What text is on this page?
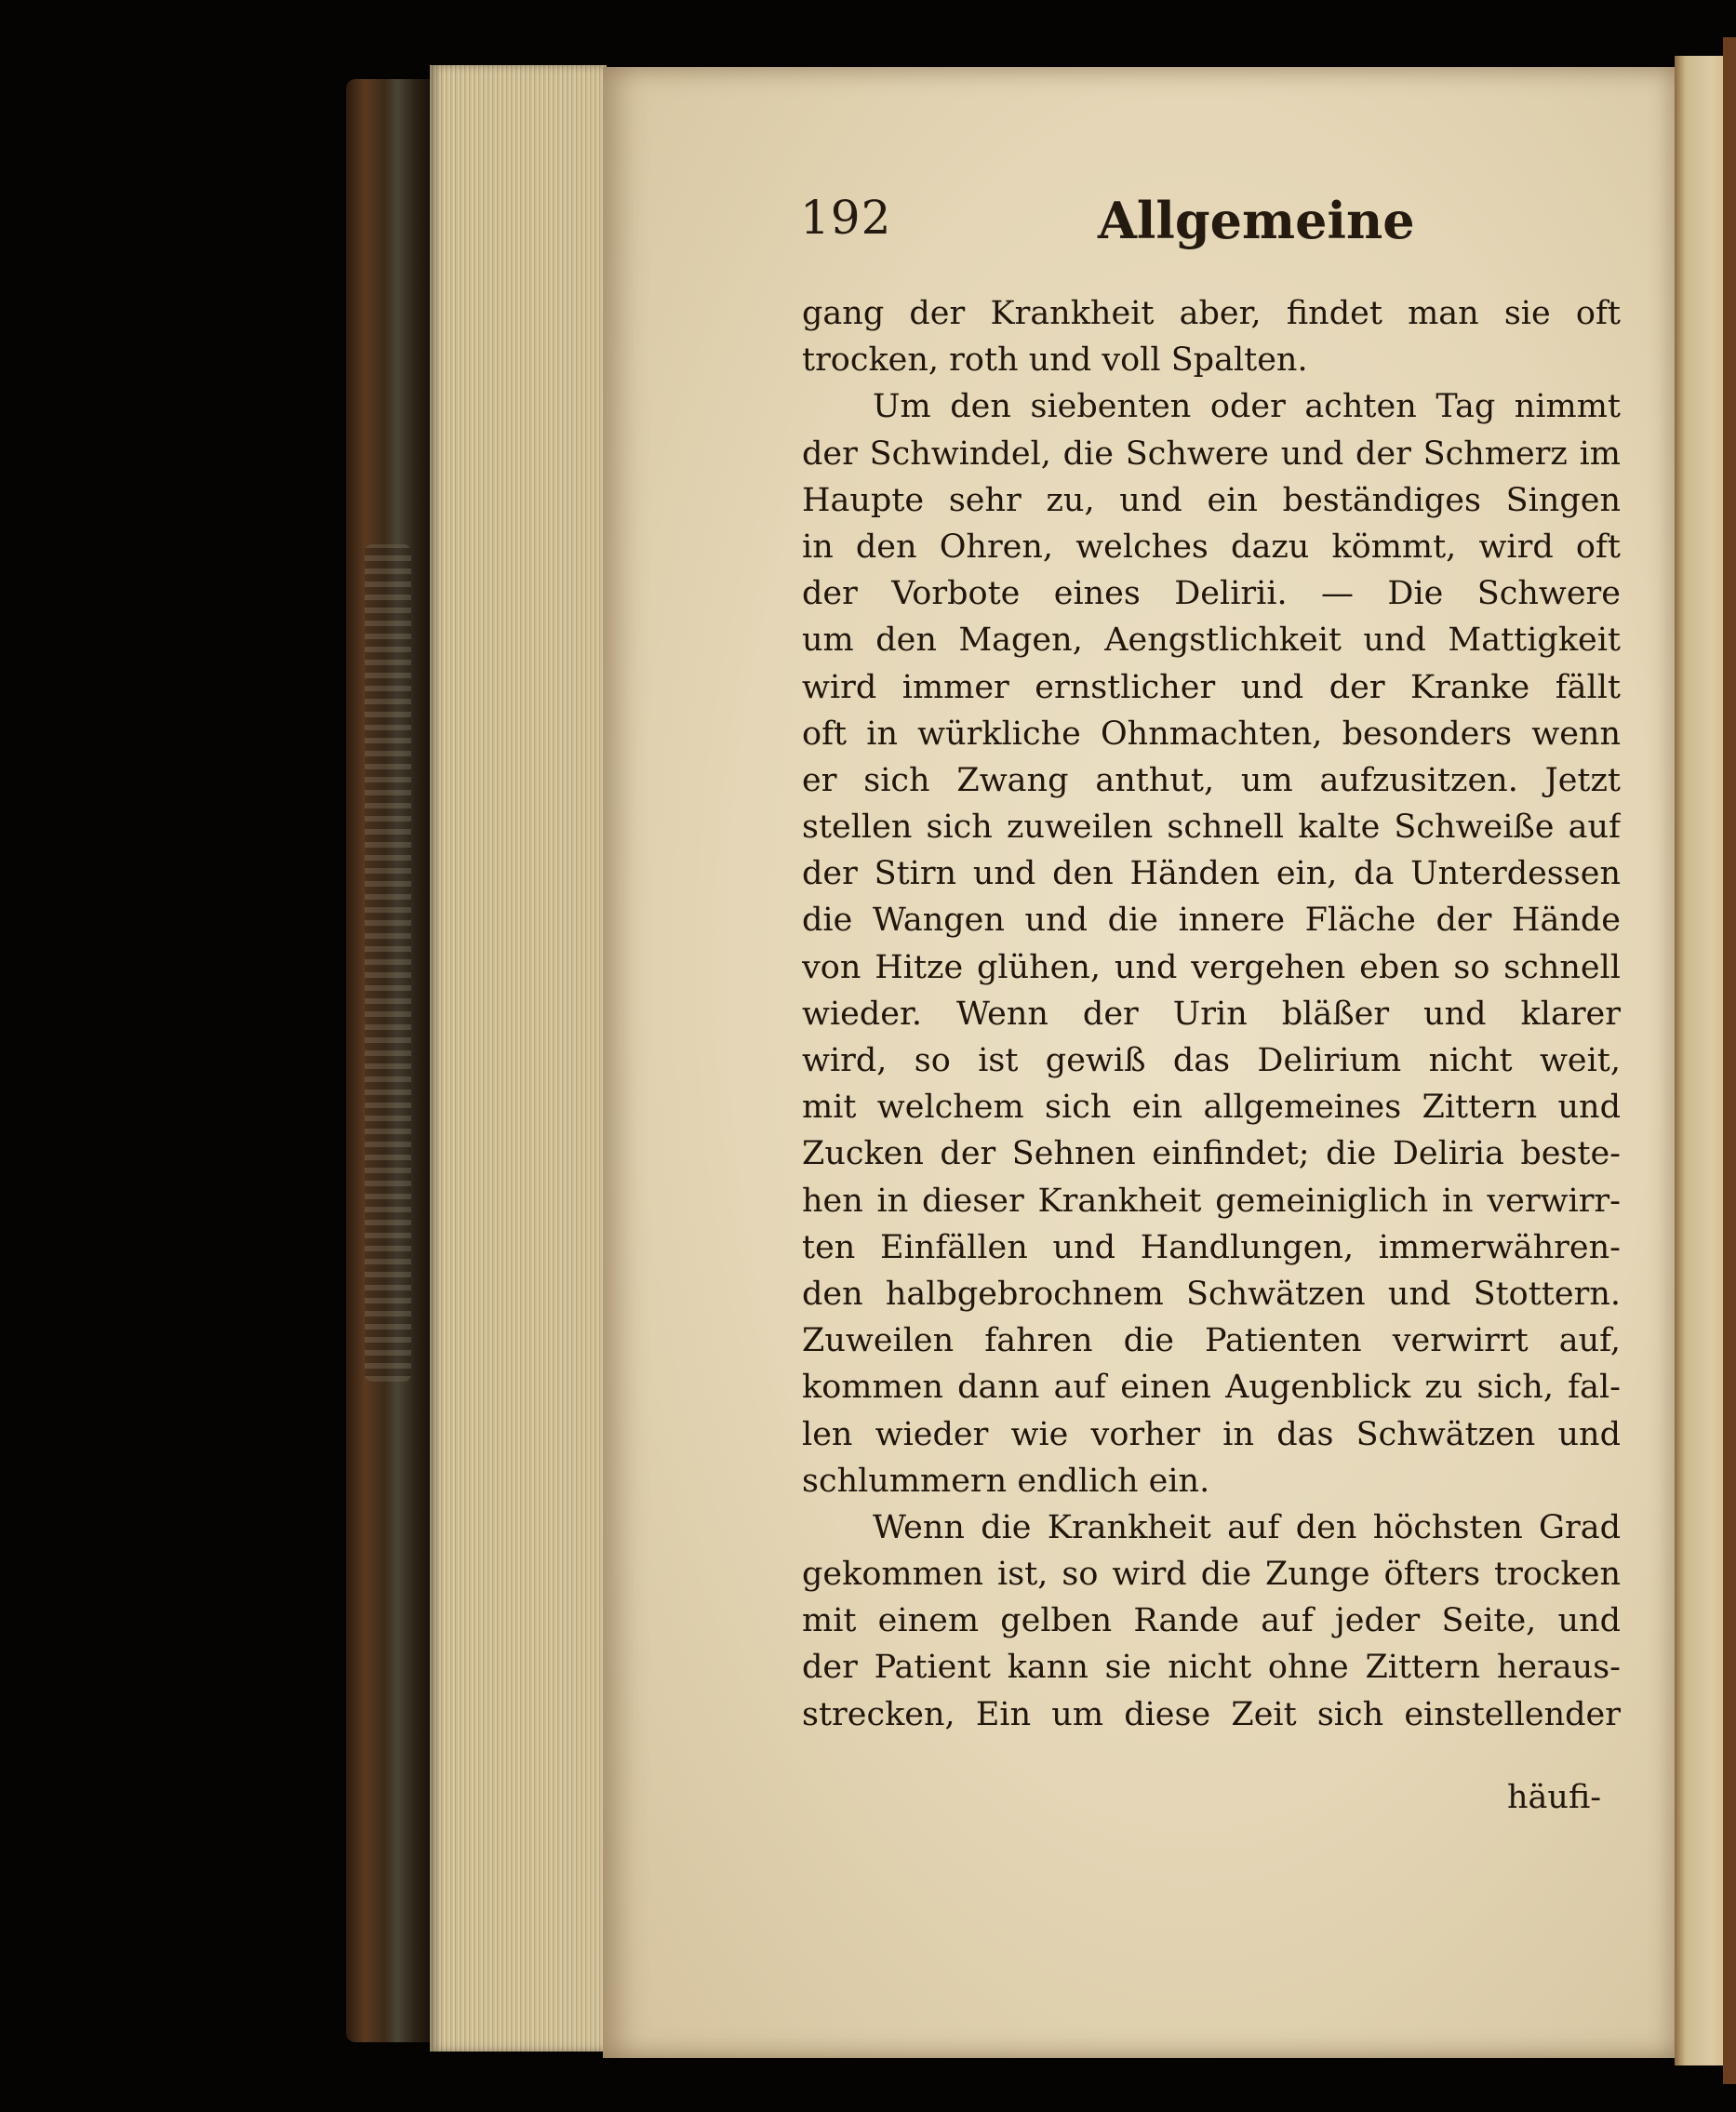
192	Allgemeine

gang der Krankheit aber, findet man sie oft
trocken, roth und voll Spalten.
Um den siebenten oder achten Tag nimmt
der Schwindel, die Schwere und der Schmerz im
Haupte sehr zu, und ein beständiges Singen
in den Ohren, welches dazu kömmt, wird oft
der Vorbote eines Delirii. — Die Schwere
um den Magen, Aengstlichkeit und Mattigkeit
wird immer ernstlicher und der Kranke fällt
oft in würkliche Ohnmachten, besonders wenn
er sich Zwang anthut, um aufzusitzen. Jetzt
stellen sich zuweilen schnell kalte Schweiße auf
der Stirn und den Händen ein, da Unterdessen
die Wangen und die innere Fläche der Hände
von Hitze glühen, und vergehen eben so schnell
wieder. Wenn der Urin bläßer und klarer
wird, so ist gewiß das Delirium nicht weit,
mit welchem sich ein allgemeines Zittern und
Zucken der Sehnen einfindet; die Deliria beste-
hen in dieser Krankheit gemeiniglich in verwirr-
ten Einfällen und Handlungen, immerwähren-
den halbgebrochnem Schwätzen und Stottern.
Zuweilen fahren die Patienten verwirrt auf,
kommen dann auf einen Augenblick zu sich, fal-
len wieder wie vorher in das Schwätzen und
schlummern endlich ein.
Wenn die Krankheit auf den höchsten Grad
gekommen ist, so wird die Zunge öfters trocken
mit einem gelben Rande auf jeder Seite, und
der Patient kann sie nicht ohne Zittern heraus-
strecken, Ein um diese Zeit sich einstellender

häufi-
